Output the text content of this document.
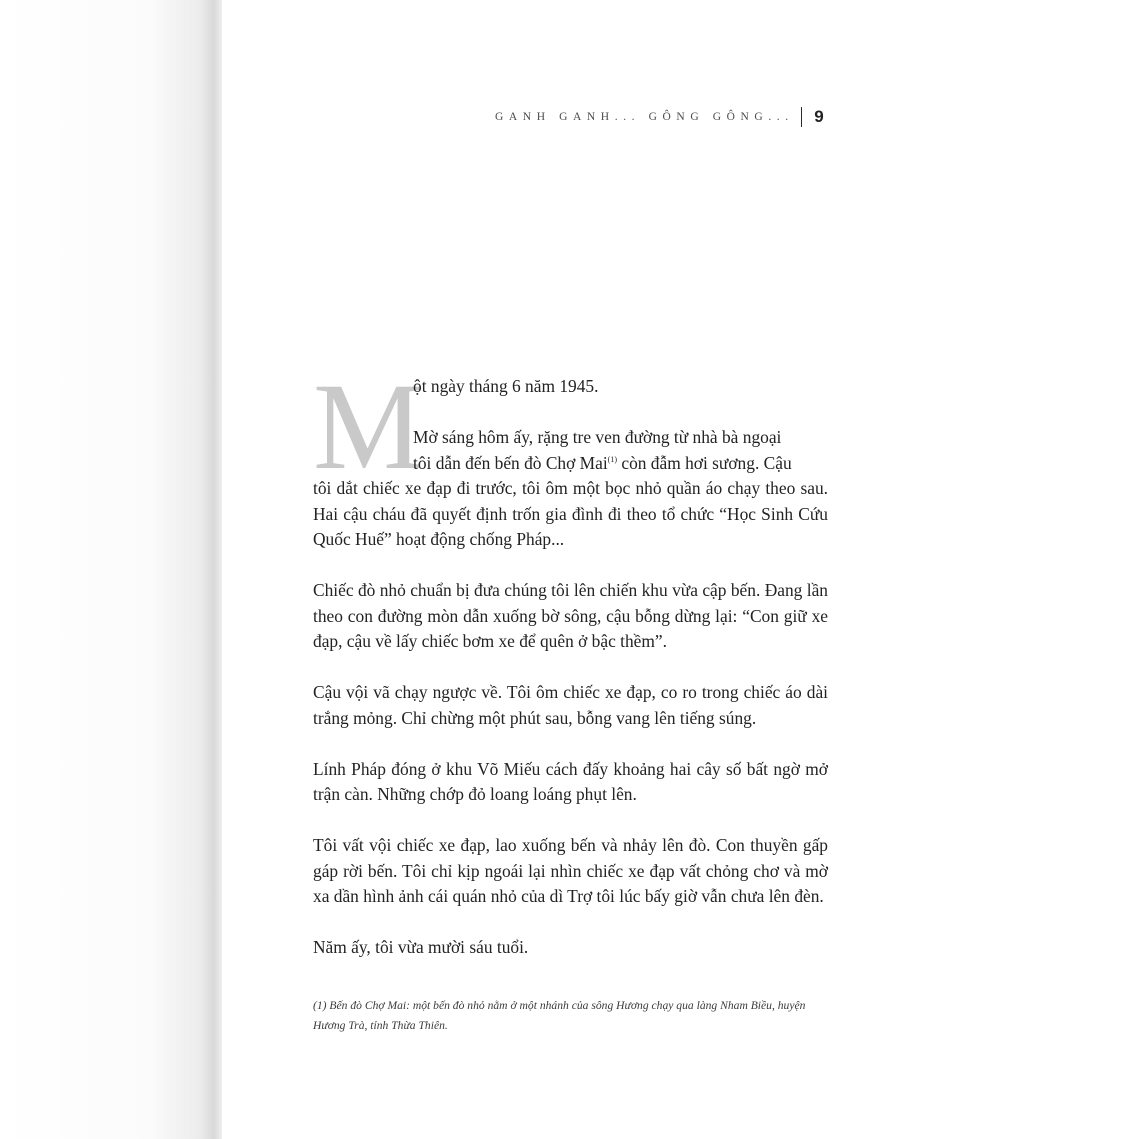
GANH GANH... GÔNG GÔNG... 9
M
ột ngày tháng 6 năm 1945.
Mờ sáng hôm ấy, rặng tre ven đường từ nhà bà ngoại
tôi dẫn đến bến đò Chợ Mai$^{(1)}$ còn đẫm hơi sương. Cậu

tôi dắt chiếc xe đạp đi trước, tôi ôm một bọc nhỏ quần áo chạy theo sau. Hai cậu cháu đã quyết định trốn gia đình đi theo tổ chức “Học Sinh Cứu Quốc Huế” hoạt động chống Pháp...

Chiếc đò nhỏ chuẩn bị đưa chúng tôi lên chiến khu vừa cập bến. Đang lần theo con đường mòn dẫn xuống bờ sông, cậu bỗng dừng lại: “Con giữ xe đạp, cậu về lấy chiếc bơm xe để quên ở bậc thềm”.

Cậu vội vã chạy ngược về. Tôi ôm chiếc xe đạp, co ro trong chiếc áo dài trắng mỏng. Chỉ chừng một phút sau, bỗng vang lên tiếng súng.

Lính Pháp đóng ở khu Võ Miếu cách đấy khoảng hai cây số bất ngờ mở trận càn. Những chớp đỏ loang loáng phụt lên.

Tôi vất vội chiếc xe đạp, lao xuống bến và nhảy lên đò. Con thuyền gấp gáp rời bến. Tôi chỉ kịp ngoái lại nhìn chiếc xe đạp vất chỏng chơ và mờ xa dần hình ảnh cái quán nhỏ của dì Trợ tôi lúc bấy giờ vẫn chưa lên đèn.

Năm ấy, tôi vừa mười sáu tuổi.

(1) Bến đò Chợ Mai: một bến đò nhỏ nằm ở một nhánh của sông Hương chạy qua làng Nham Biều, huyện Hương Trà, tỉnh Thừa Thiên.
